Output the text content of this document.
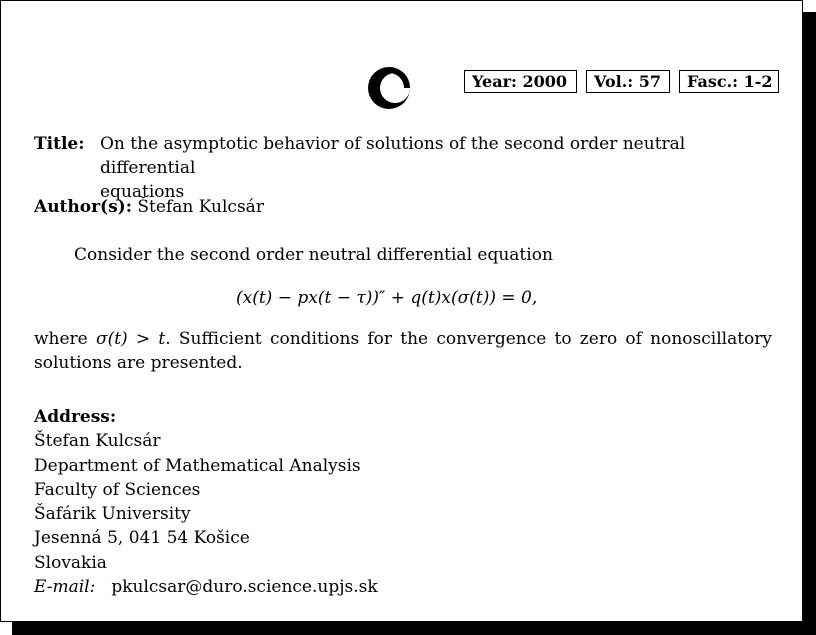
Year: 2000	Vol.: 57	Fasc.: 1-2
Title: On the asymptotic behavior of solutions of the second order neutral differential
equations
Author(s): Štefan Kulcsár
Consider the second order neutral differential equation
(x(t) − px(t − τ))″ + q(t)x(σ(t)) = 0,
where σ(t) > t. Sufficient conditions for the convergence to zero of nonoscillatory solutions are presented.
Address:
Štefan Kulcsár
Department of Mathematical Analysis
Faculty of Sciences
Šafárik University
Jesenná 5, 041 54 Košice
Slovakia
E-mail: pkulcsar@duro.science.upjs.sk
